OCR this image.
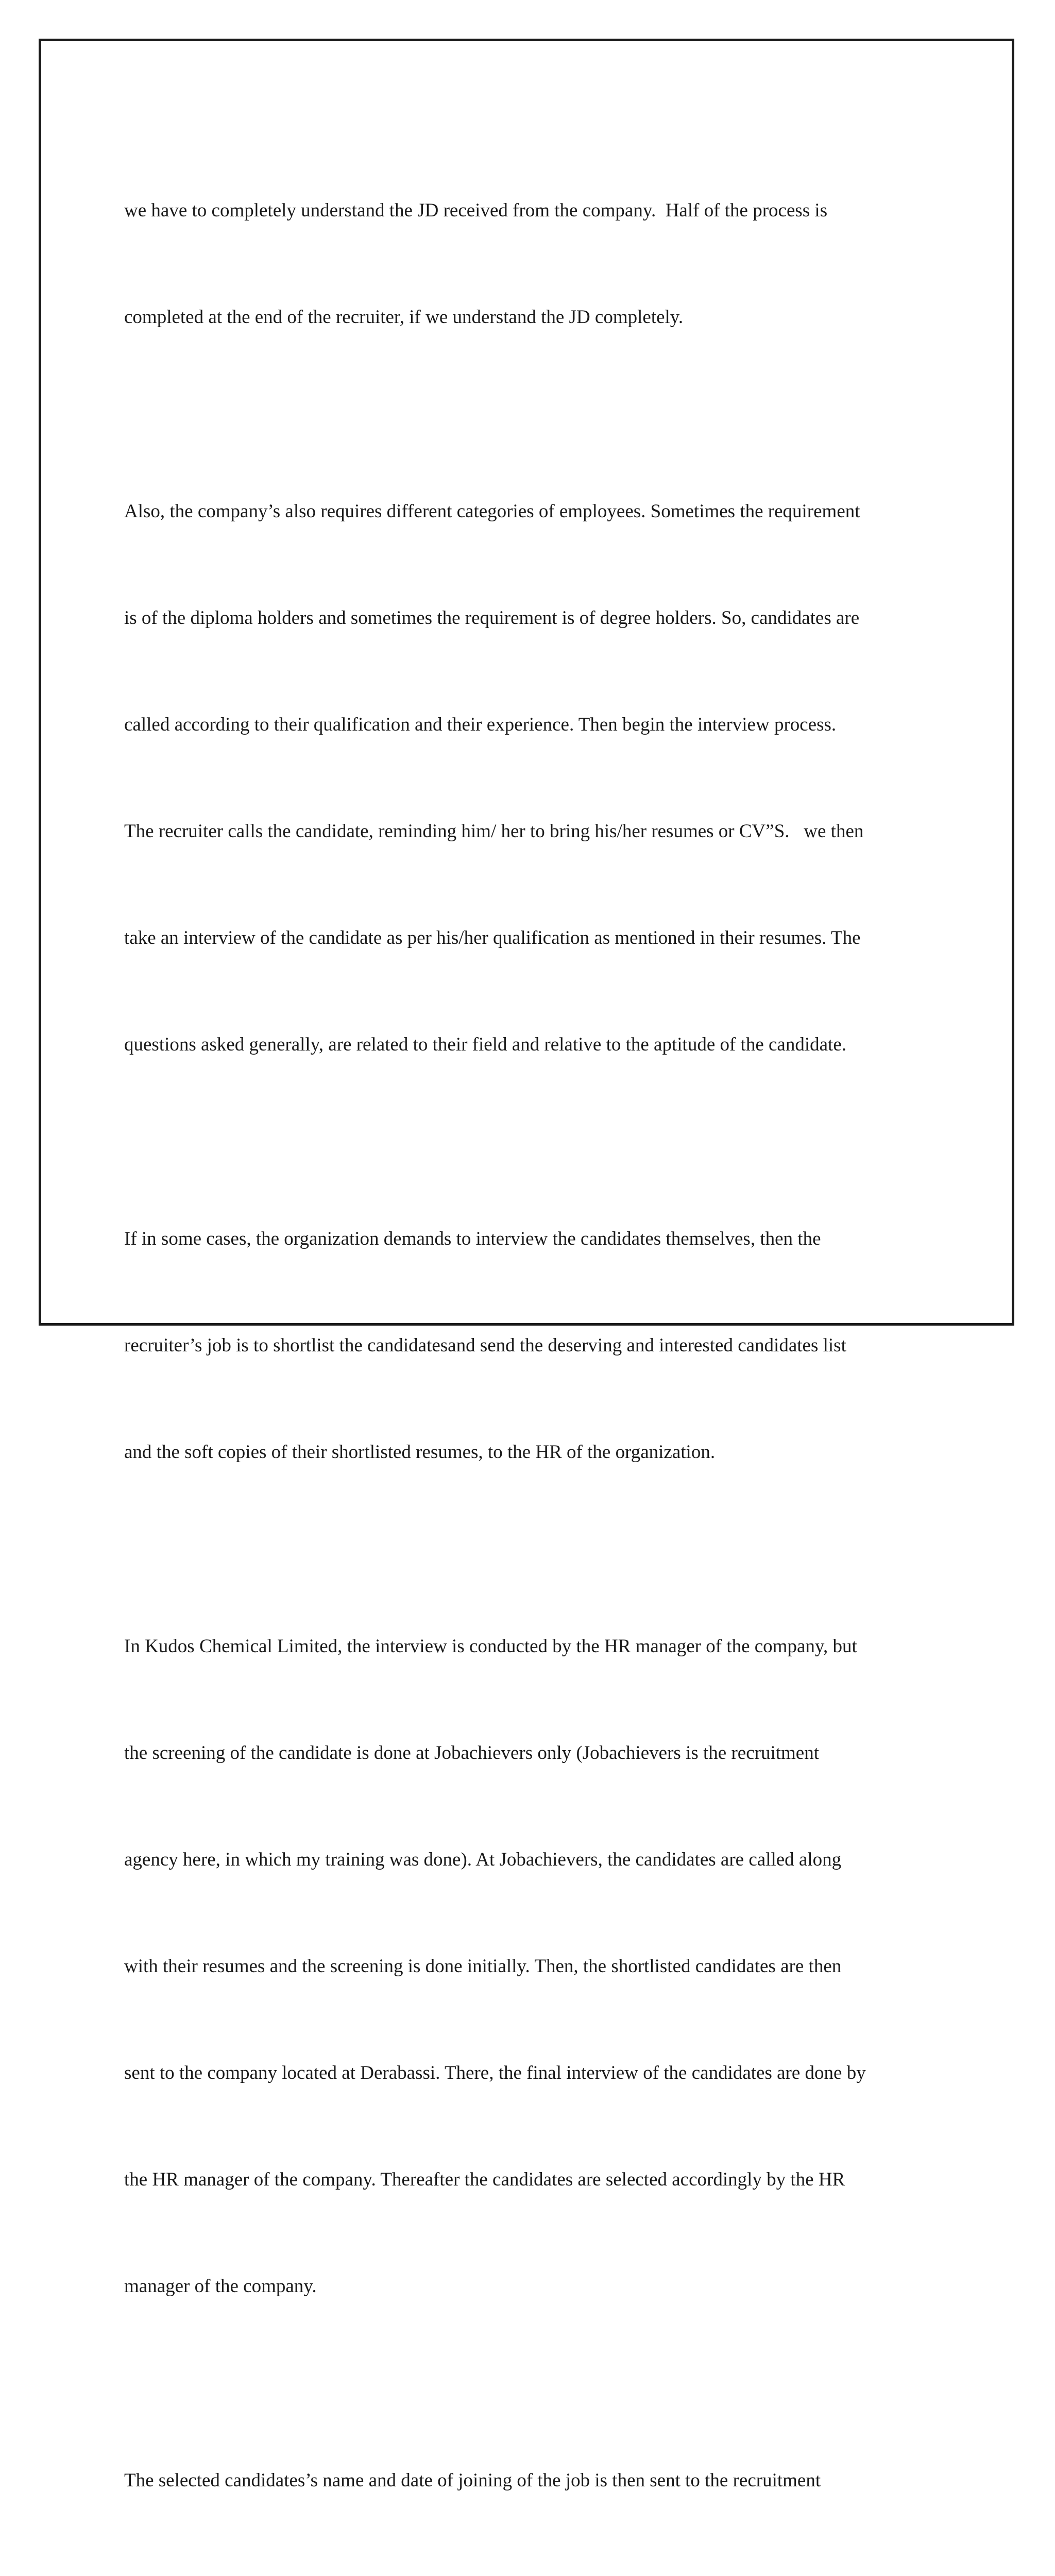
we have to completely understand the JD received from the company.  Half of the process is

completed at the end of the recruiter, if we understand the JD completely.

Also, the company’s also requires different categories of employees. Sometimes the requirement

is of the diploma holders and sometimes the requirement is of degree holders. So, candidates are

called according to their qualification and their experience. Then begin the interview process.

The recruiter calls the candidate, reminding him/ her to bring his/her resumes or CV”S.   we then

take an interview of the candidate as per his/her qualification as mentioned in their resumes. The

questions asked generally, are related to their field and relative to the aptitude of the candidate.

If in some cases, the organization demands to interview the candidates themselves, then the

recruiter’s job is to shortlist the candidatesand send the deserving and interested candidates list

and the soft copies of their shortlisted resumes, to the HR of the organization.

In Kudos Chemical Limited, the interview is conducted by the HR manager of the company, but

the screening of the candidate is done at Jobachievers only (Jobachievers is the recruitment

agency here, in which my training was done). At Jobachievers, the candidates are called along

with their resumes and the screening is done initially. Then, the shortlisted candidates are then

sent to the company located at Derabassi. There, the final interview of the candidates are done by

the HR manager of the company. Thereafter the candidates are selected accordingly by the HR

manager of the company.

The selected candidates’s name and date of joining of the job is then sent to the recruitment
